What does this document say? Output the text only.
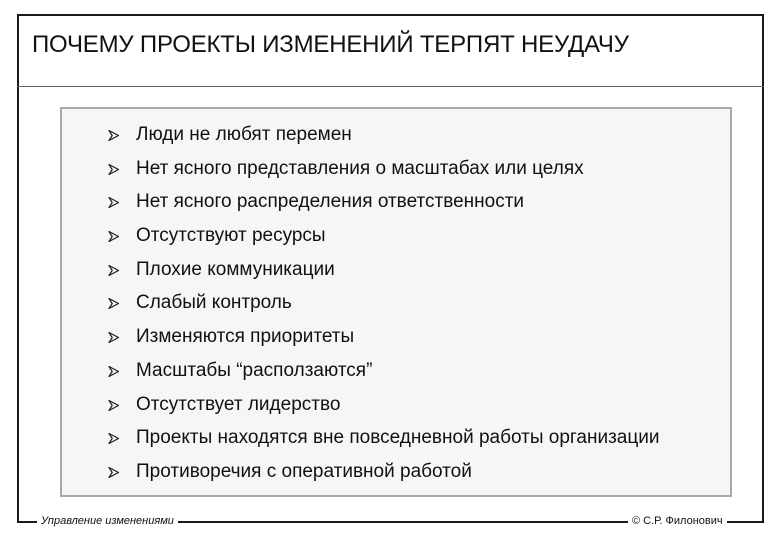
ПОЧЕМУ ПРОЕКТЫ ИЗМЕНЕНИЙ ТЕРПЯТ НЕУДАЧУ
Люди не любят перемен
Нет ясного представления о масштабах или целях
Нет ясного распределения ответственности
Отсутствуют ресурсы
Плохие коммуникации
Слабый контроль
Изменяются приоритеты
Масштабы “расползаются”
Отсутствует лидерство
Проекты находятся вне повседневной работы организации
Противоречия с оперативной работой
Управление изменениями	© С.Р. Филонович
